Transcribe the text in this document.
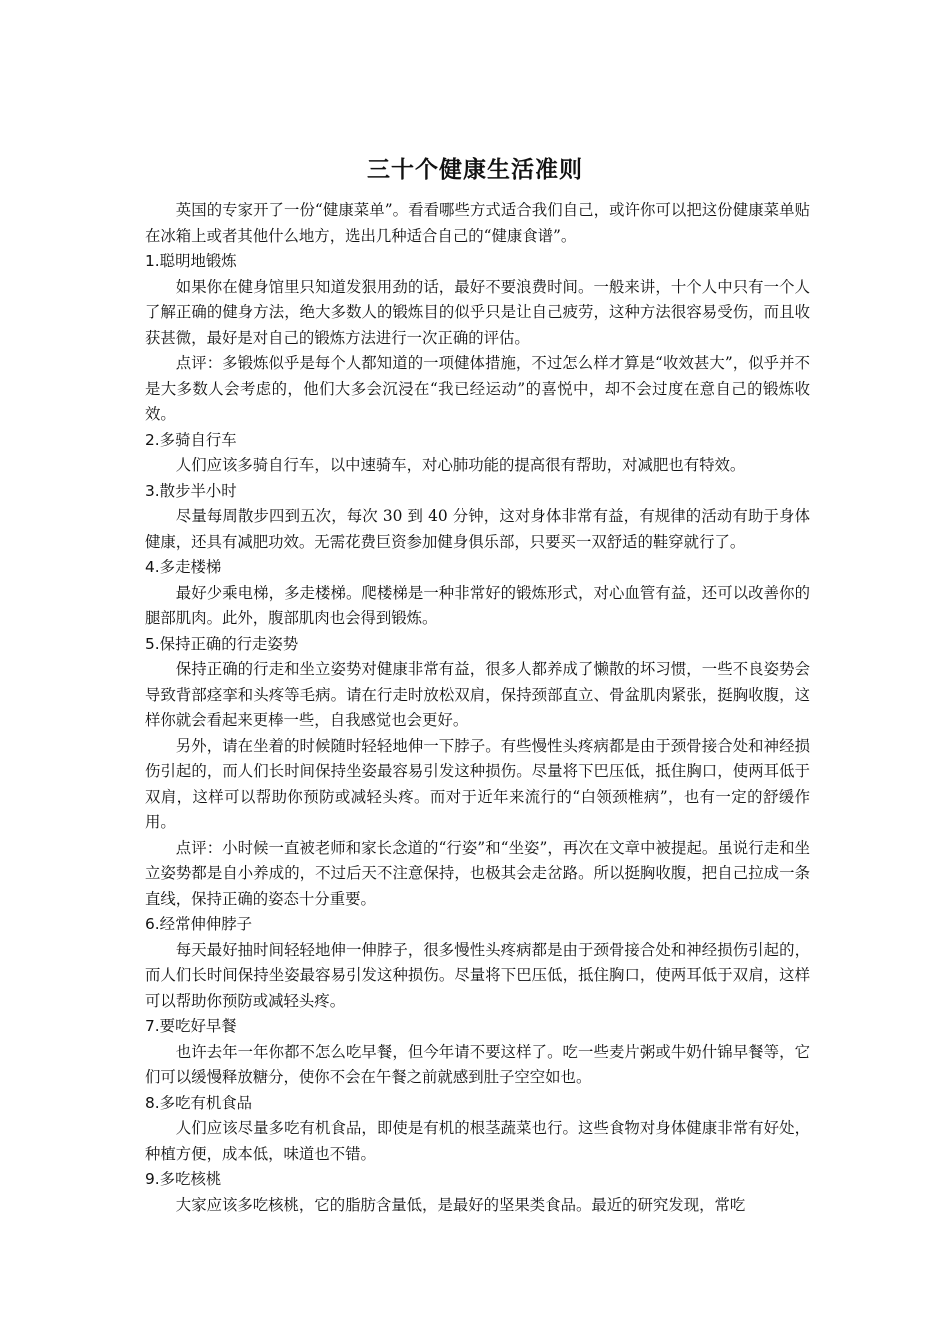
三十个健康生活准则

英国的专家开了一份“健康菜单”。看看哪些方式适合我们自己，或许你可以把这份健康菜单贴在冰箱上或者其他什么地方，选出几种适合自己的“健康食谱”。

1.聪明地锻炼

如果你在健身馆里只知道发狠用劲的话，最好不要浪费时间。一般来讲，十个人中只有一个人了解正确的健身方法，绝大多数人的锻炼目的似乎只是让自己疲劳，这种方法很容易受伤，而且收获甚微，最好是对自己的锻炼方法进行一次正确的评估。

点评：多锻炼似乎是每个人都知道的一项健体措施，不过怎么样才算是“收效甚大”，似乎并不是大多数人会考虑的，他们大多会沉浸在“我已经运动”的喜悦中，却不会过度在意自己的锻炼收效。

2.多骑自行车

人们应该多骑自行车，以中速骑车，对心肺功能的提高很有帮助，对减肥也有特效。

3.散步半小时

尽量每周散步四到五次，每次 30 到 40 分钟，这对身体非常有益，有规律的活动有助于身体健康，还具有减肥功效。无需花费巨资参加健身俱乐部，只要买一双舒适的鞋穿就行了。

4.多走楼梯

最好少乘电梯，多走楼梯。爬楼梯是一种非常好的锻炼形式，对心血管有益，还可以改善你的腿部肌肉。此外，腹部肌肉也会得到锻炼。

5.保持正确的行走姿势

保持正确的行走和坐立姿势对健康非常有益，很多人都养成了懒散的坏习惯，一些不良姿势会导致背部痉挛和头疼等毛病。请在行走时放松双肩，保持颈部直立、骨盆肌肉紧张，挺胸收腹，这样你就会看起来更棒一些，自我感觉也会更好。

另外，请在坐着的时候随时轻轻地伸一下脖子。有些慢性头疼病都是由于颈骨接合处和神经损伤引起的，而人们长时间保持坐姿最容易引发这种损伤。尽量将下巴压低，抵住胸口，使两耳低于双肩，这样可以帮助你预防或减轻头疼。而对于近年来流行的“白领颈椎病”，也有一定的舒缓作用。

点评：小时候一直被老师和家长念道的“行姿”和“坐姿”，再次在文章中被提起。虽说行走和坐立姿势都是自小养成的，不过后天不注意保持，也极其会走岔路。所以挺胸收腹，把自己拉成一条直线，保持正确的姿态十分重要。

6.经常伸伸脖子

每天最好抽时间轻轻地伸一伸脖子，很多慢性头疼病都是由于颈骨接合处和神经损伤引起的，而人们长时间保持坐姿最容易引发这种损伤。尽量将下巴压低，抵住胸口，使两耳低于双肩，这样可以帮助你预防或减轻头疼。

7.要吃好早餐

也许去年一年你都不怎么吃早餐，但今年请不要这样了。吃一些麦片粥或牛奶什锦早餐等，它们可以缓慢释放糖分，使你不会在午餐之前就感到肚子空空如也。

8.多吃有机食品

人们应该尽量多吃有机食品，即使是有机的根茎蔬菜也行。这些食物对身体健康非常有好处，种植方便，成本低，味道也不错。

9.多吃核桃

大家应该多吃核桃，它的脂肪含量低，是最好的坚果类食品。最近的研究发现，常吃
